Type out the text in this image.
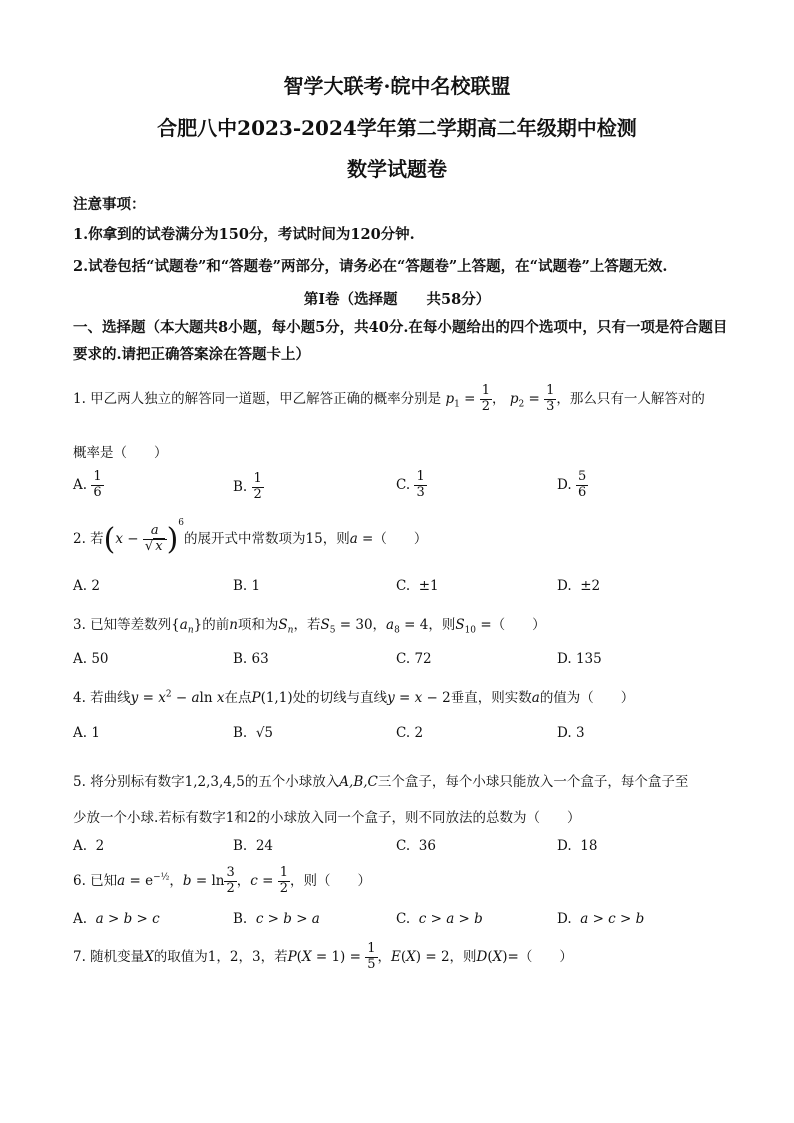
智学大联考·皖中名校联盟
合肥八中2023-2024学年第二学期高二年级期中检测
数学试题卷
注意事项：
1.你拿到的试卷满分为150分，考试时间为120分钟.
2.试卷包括“试题卷”和“答题卷”两部分，请务必在“答题卷”上答题，在“试题卷”上答题无效.
第Ⅰ卷（选择题　　共58分）
一、选择题（本大题共8小题，每小题5分，共40分.在每小题给出的四个选项中，只有一项是符合题目要求的.请把正确答案涂在答题卡上）
1. 甲乙两人独立的解答同一道题，甲乙解答正确的概率分别是 $p_1 = \frac{1}{2}$ ， $p_2 = \frac{1}{3}$ ，那么只有一人解答对的
概率是（　　）
A. $\frac{1}{6}$	B. $\frac{1}{2}$	C. $\frac{1}{3}$	D. $\frac{5}{6}$
2. 若$(x - \frac{a}{√ x} )^6$的展开式中常数项为15，则a =（　　）
A. 2	B. 1	C. ±1	D. ±2
3. 已知等差数列$\{a_n\}$的前n项和为$S_n$，若$S_5 = 30$，$a_8 = 4$，则$S_{10}$ =（　　）
A. 50	B. 63	C. 72	D. 135
4. 若曲线$y = x^2 - aln$ x在点P(1,1)处的切线与直线y = x − 2垂直，则实数a的值为（　　）
A. 1	B. √5	C. 2	D. 3
5. 将分别标有数字1,2,3,4,5的五个小球放入A,B,C三个盒子，每个小球只能放入一个盒子，每个盒子至
少放一个小球.若标有数字1和2的小球放入同一个盒子，则不同放法的总数为（　　）
A. 2	B. 24	C. 36	D. 18
6. 已知$a = e^{-\frac{1}{2}}$，$b = \ln \frac{3}{2}$ ，$c = \frac{1}{2}$ ，则（　　）
A. a > b > c	B. c > b > a	C. c > a > b	D. a > c > b
7. 随机变量X的取值为1，2，3，若$P(X = 1) = \frac{1}{5}$ ，E(X) = 2，则D(X)=（　　）
